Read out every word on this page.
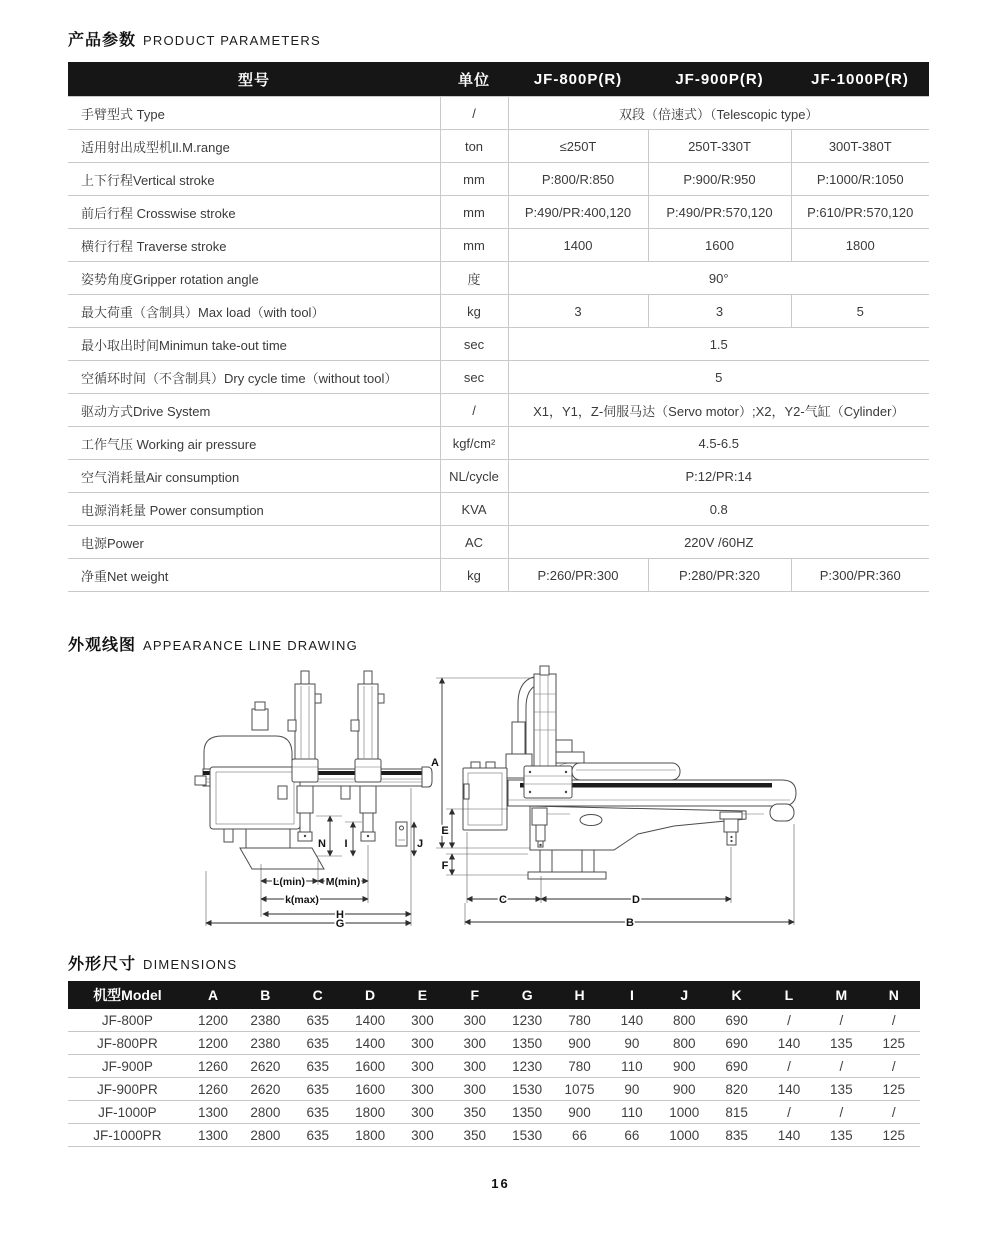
产品参数 PRODUCT PARAMETERS
型号	单位	JF-800P(R)	JF-900P(R)	JF-1000P(R)
手臂型式 Type	/	双段（倍速式）（Telescopic type）		
适用射出成型机Il.M.range	ton	≤250T	250T-330T	300T-380T
上下行程Vertical stroke	mm	P:800/R:850	P:900/R:950	P:1000/R:1050
前后行程 Crosswise stroke	mm	P:490/PR:400,120	P:490/PR:570,120	P:610/PR:570,120
横行行程 Traverse stroke	mm	1400	1600	1800
姿势角度Gripper rotation angle	度	90°		
最大荷重（含制具）Max load（with tool）	kg	3	3	5
最小取出时间Minimun take-out time	sec	1.5		
空循环时间（不含制具）Dry cycle time（without tool）	sec	5		
驱动方式Drive System	/	X1，Y1，Z-伺服马达（Servo motor）;X2，Y2-气缸（Cylinder）		
工作气压 Working air pressure	kgf/cm²	4.5-6.5		
空气消耗量Air consumption	NL/cycle	P:12/PR:14		
电源消耗量 Power consumption	KVA	0.8		
电源Power	AC	220V /60HZ		
净重Net weight	kg	P:260/PR:300	P:280/PR:320	P:300/PR:360
外观线图 APPEARANCE LINE DRAWING
N I	J
L(min) M(min)
k(max)
H
G
A
E
F
C	D
B
外形尺寸 DIMENSIONS
机型Model	A	B	C	D	E	F	G	H	I	J	K	L	M	N
JF-800P	1200	2380	635	1400	300	300	1230	780	140	800	690	/	/	/
JF-800PR	1200	2380	635	1400	300	300	1350	900	90	800	690	140	135	125
JF-900P	1260	2620	635	1600	300	300	1230	780	110	900	690	/	/	/
JF-900PR	1260	2620	635	1600	300	300	1530	1075	90	900	820	140	135	125
JF-1000P	1300	2800	635	1800	300	350	1350	900	110	1000	815	/	/	/
JF-1000PR	1300	2800	635	1800	300	350	1530	66	66	1000	835	140	135	125
16
